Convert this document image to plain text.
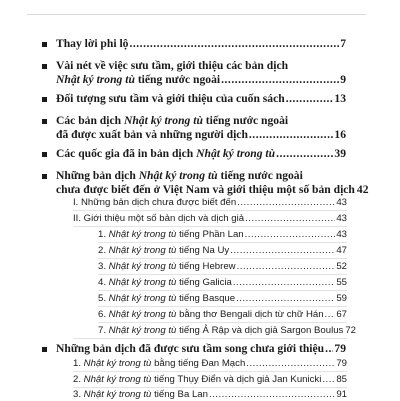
Thay lời phi lộ .....	7
Vài nét về việc sưu tầm, giới thiệu các bản dịch
Nhật ký trong tù tiếng nước ngoài .....	9
Đối tượng sưu tầm và giới thiệu của cuốn sách .....	13
Các bản dịch Nhật ký trong tù tiếng nước ngoài
đã được xuất bản và những người dịch .....	16
Các quốc gia đã in bản dịch Nhật ký trong tù .....	39
Những bản dịch Nhật ký trong tù tiếng nước ngoài
chưa được biết đến ở Việt Nam và giới thiệu một số bản dịch 42
I. Những bản dịch chưa được biết đến .....	43
II. Giới thiệu một số bản dịch và dịch giả .....	43
1. Nhật ký trong tù tiếng Phần Lan .....	43
2. Nhật ký trong tù tiếng Na Uy .....	47
3. Nhật ký trong tù tiếng Hebrew .....	52
4. Nhật ký trong tù tiếng Galicia .....	55
5. Nhật ký trong tù tiếng Basque .....	59
6. Nhật ký trong tù bằng thơ Bengali dịch từ chữ Hán ..... 67
7. Nhật ký trong tù tiếng Ả Rập và dịch giả Sargon Boulus 72
Những bản dịch đã được sưu tầm song chưa giới thiệu ..... 79
1. Nhật ký trong tù bằng tiếng Đan Mạch .....	79
2. Nhật ký trong tù tiếng Thụy Điển và dịch giả Jan Kunicki ..... 85
3. Nhật ký trong tù tiếng Ba Lan .....	91
